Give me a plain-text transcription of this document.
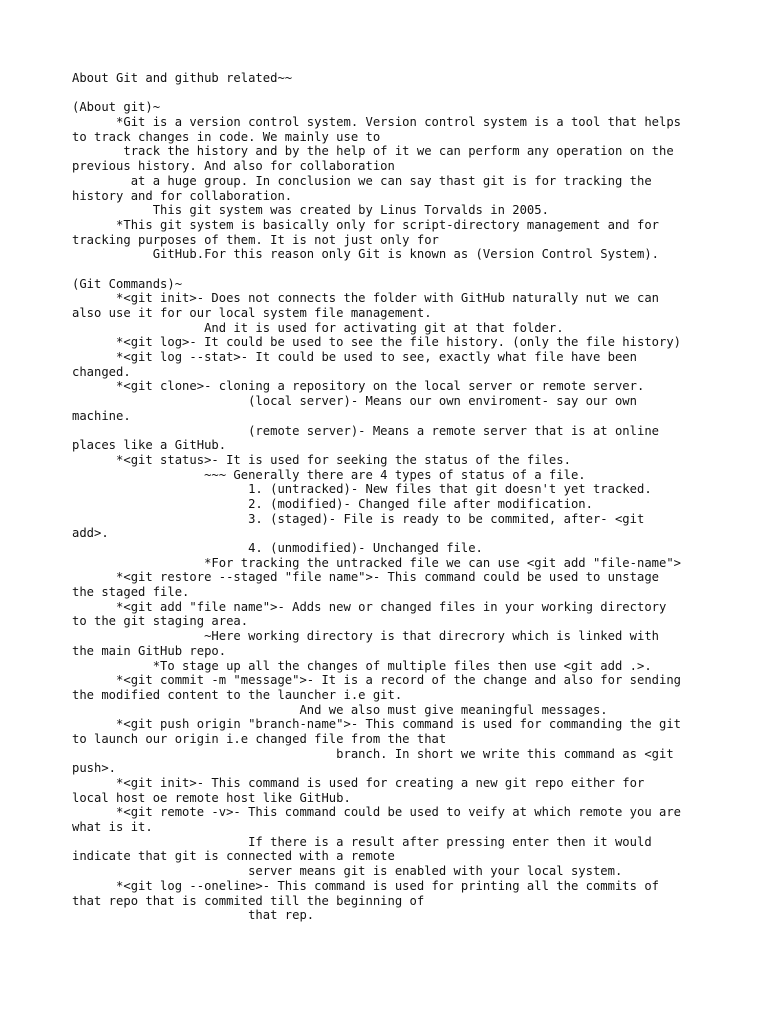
About Git and github related~~
(About git)~
*Git is a version control system. Version control system is a tool that helps
to track changes in code. We mainly use to
track the history and by the help of it we can perform any operation on the
previous history. And also for collaboration
at a huge group. In conclusion we can say thast git is for tracking the
history and for collaboration.
This git system was created by Linus Torvalds in 2005.
*This git system is basically only for script-directory management and for
tracking purposes of them. It is not just only for
GitHub.For this reason only Git is known as (Version Control System).
(Git Commands)~
*<git init>- Does not connects the folder with GitHub naturally nut we can
also use it for our local system file management.
And it is used for activating git at that folder.
*<git log>- It could be used to see the file history. (only the file history)
*<git log --stat>- It could be used to see, exactly what file have been
changed.
*<git clone>- cloning a repository on the local server or remote server.
(local server)- Means our own enviroment- say our own
machine.
(remote server)- Means a remote server that is at online
places like a GitHub.
*<git status>- It is used for seeking the status of the files.
~~~ Generally there are 4 types of status of a file.
1. (untracked)- New files that git doesn't yet tracked.
2. (modified)- Changed file after modification.
3. (staged)- File is ready to be commited, after- <git
add>.
4. (unmodified)- Unchanged file.
*For tracking the untracked file we can use <git add "file-name">
*<git restore --staged "file name">- This command could be used to unstage
the staged file.
*<git add "file name">- Adds new or changed files in your working directory
to the git staging area.
~Here working directory is that direcrory which is linked with
the main GitHub repo.
*To stage up all the changes of multiple files then use <git add .>.
*<git commit -m "message">- It is a record of the change and also for sending
the modified content to the launcher i.e git.
And we also must give meaningful messages.
*<git push origin "branch-name">- This command is used for commanding the git
to launch our origin i.e changed file from the that
branch. In short we write this command as <git
push>.
*<git init>- This command is used for creating a new git repo either for
local host oe remote host like GitHub.
*<git remote -v>- This command could be used to veify at which remote you are
what is it.
If there is a result after pressing enter then it would
indicate that git is connected with a remote
server means git is enabled with your local system.
*<git log --oneline>- This command is used for printing all the commits of
that repo that is commited till the beginning of
that rep.
